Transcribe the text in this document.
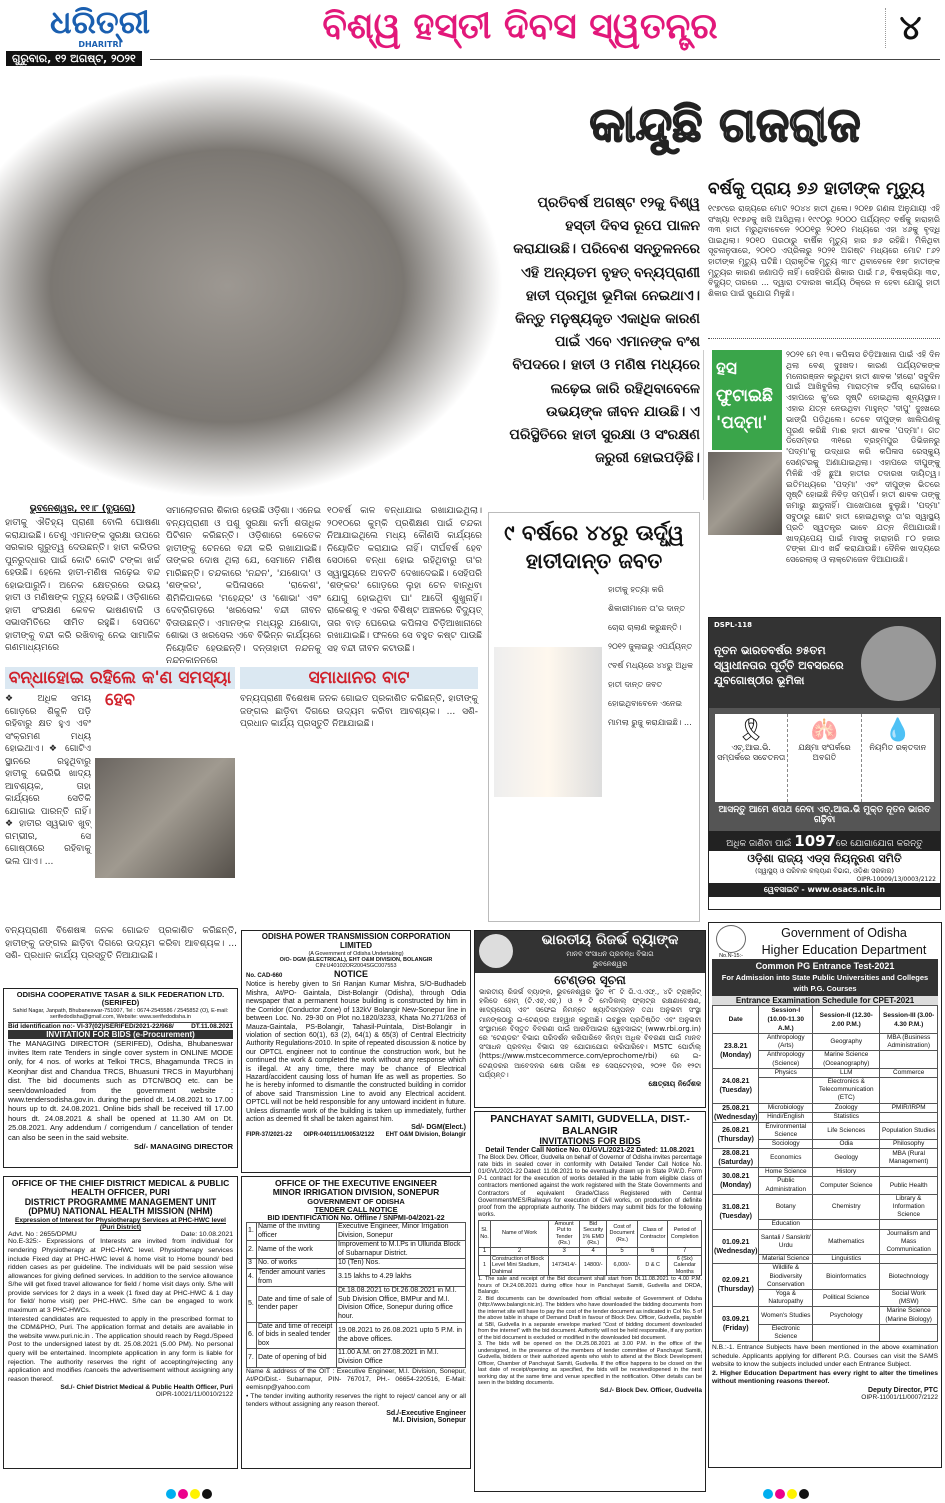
ଧରିତ୍ରୀ
DHARITRI
ଗୁରୁବାର, ୧୨ ଅଗଷ୍ଟ, ୨୦୨୧
ବିଶ୍ୱ ହସ୍ତୀ ଦିବସ ସ୍ୱତନ୍ତ୍ର	୪
କାନ୍ଦୁଛି ଗଜରାଜ
ପ୍ରତିବର୍ଷ ଅଗଷ୍ଟ ୧୨କୁ ବିଶ୍ୱ ହସ୍ତୀ ଦିବସ ରୂପେ ପାଳନ କରାଯାଉଛି। ପରିବେଶ ସନ୍ତୁଳନରେ ଏହି ଅନ୍ୟତମ ବୃହତ୍ ବନ୍ୟପ୍ରାଣୀ ହାତୀ ପ୍ରମୁଖ ଭୂମିକା ନେଇଥାଏ। କିନ୍ତୁ ମନୁଷ୍ୟକୃତ ଏକାଧିକ କାରଣ ପାଇଁ ଏବେ ଏମାନଙ୍କ ବଂଶ ବିପଦରେ। ହାତୀ ଓ ମଣିଷ ମଧ୍ୟରେ ଲଢ଼େଇ ଜାରି ରହିଥିବାବେଳେ ଉଭୟଙ୍କ ଜୀବନ ଯାଉଛି। ଏ ପରିସ୍ଥିତିରେ ହାତୀ ସୁରକ୍ଷା ଓ ସଂରକ୍ଷଣ ଜରୁରୀ ହୋଇପଡ଼ିଛି।
ବର୍ଷକୁ ପ୍ରାୟ ୭୬ ହାତୀଙ୍କ ମୃତ୍ୟୁ
୧୯୭୯ରେ ରାଜ୍ୟରେ ମୋଟ ୨୦୪୪ ହାତୀ ଥିଲେ। ୨୦୧୭ ଗଣନା ଅନୁଯାୟୀ ଏହି ସଂଖ୍ୟା ୧୯୭୬କୁ ଖସି ଆସିଥିଲା। ୧୯୯୦ରୁ ୨୦୦୦ ପର୍ଯ୍ୟନ୍ତ ବର୍ଷକୁ ହାରାହାରି ୩୩ ହାତୀ ମରୁଥିବାବେଳେ ୨୦୦୧ରୁ ୨୦୧୦ ମଧ୍ୟରେ ଏହା ୪୬କୁ ବୃଦ୍ଧି ପାଇଥିଲା। ୨୦୧୦ ପରଠାରୁ ବାର୍ଷିକ ମୃତ୍ୟୁ ହାର ୭୬ ରହିଛି। ମିଳିଥିବା ସୂଚନାନୁସାରେ, ୨୦୧୦ ଏପ୍ରିଲରୁ ୨୦୨୧ ଅଗଷ୍ଟ ମଧ୍ୟରେ ମୋଟ ୮୬୨ ହାତୀଙ୍କ ମୃତ୍ୟୁ ଘଟିଛି। ପ୍ରାକୃତିକ ମୃତ୍ୟୁ ୩୮୯ ଥିବାବେଳେ ୧୭୮ ହାତୀଙ୍କ ମୃତ୍ୟୁର କାରଣ ଜଣାପଡ଼ି ନାହିଁ। ସେହିପରି ଶିକାର ପାଇଁ ୮୬, ବିଷକ୍ରିୟା ୩ଚ, ବିଦ୍ୟୁତ୍ ତାରରେ ... ଦ୍ୱାରା ତଦାରଖ କାର୍ଯ୍ୟ ଠିକ୍‌ରେ ନ ହେବା ଯୋଗୁ ହାତୀ ଶିକାର ପାଇଁ ସୁଯୋଗ ମିଳୁଛି।
ହସ ଫୁଟାଇଛି 'ପଦ୍ମା'
୨୦୨୧ ମେ ୧୩। କପିଳାସ ଚିଡ଼ିଆଖାନା ପାଇଁ ଏହି ଦିନ ଥିଲା ବେଶ୍ ଦୁଃଖଦ। କାରଣ ପର୍ଯ୍ୟଟକଙ୍କ ମନୋରଞ୍ଜନ କରୁଥିବା ହାତୀ ଶାବକ 'ହୀରୋ' ସବୁଦିନ ପାଇଁ ଆଖିବୁଜିଲା ମାରାତ୍ମକ ହର୍ପିସ୍ ରୋଗରେ। ଏହାପରେ କୁ'ରେ ସୃଷ୍ଟି ହୋଇଥିଲା ଶୂନ୍ୟସ୍ଥାନ। ଏହାର ଯତ୍ନ ନେଉଥିବା ମାହୁନ୍ତ 'ଦୀପୁ' ଦୁଃଖରେ ଭାଙ୍ଗି ପଡ଼ିଥିଲେ। ତେବେ ଦୀପୁଙ୍କ ଖାଲିପଣକୁ ପୂରଣ କରିଛି ମାଈ ହାତୀ ଶାବକ 'ପଦ୍ମା'। ଗତ ଡିସେମ୍ବର ୩୧ରେ ବ୍ରହ୍ମପୁର ଡିଭିଜନରୁ 'ପଦ୍ମା'କୁ ଉଦ୍ଧାର କରି କପିଳାସ ରେସ୍କ୍ୟୁ ସେଣ୍ଟରକୁ ଅଣାଯାଇଥିଲା। ଏହାପରେ ଦୀପୁଙ୍କୁ ମିଳିଛି ଏହି ଛୁଆ ହାତୀର ତଦାରଖ ଦାୟିତ୍ୱ। ଇତିମଧ୍ୟରେ 'ପଦ୍ମା' ଏବଂ ଦୀପୁଙ୍କ ଭିତରେ ସୃଷ୍ଟି ହୋଇଛି ନିବିଡ଼ ସମ୍ପର୍କ। ହାତୀ ଶାବକ ତାଙ୍କୁ ଜମାରୁ ଛାଡୁନାହିଁ। ପାଖେପାଖେ ବୁଲୁଛି। 'ପଦ୍ମା' ସବୁଠାରୁ ଛୋଟ ହାତୀ ହୋଇଥିବାରୁ ତା'ର ସ୍ୱାସ୍ଥ୍ୟ ପ୍ରତି ସ୍ୱତନ୍ତ୍ର ଭାବେ ଯତ୍ନ ନିଆଯାଉଛି। ଖାଦ୍ୟପେୟ ପାଇଁ ମାସକୁ ହାରାହାରି ୮୦ ହଜାର ଟଙ୍କା ଯାଏ ଖର୍ଚ୍ଚ କରାଯାଉଛି। ଦୈନିକ ଖାଦ୍ୟରେ ସେରେଲାକ୍ ଓ ଲାକ୍ଟୋଜେନ ଦିଆଯାଉଛି।
ଭୁବନେଶ୍ୱର, ୧୧।୮ (ବ୍ୟୁରୋ)
ହାତୀକୁ ଐତିହ୍ୟ ପ୍ରାଣୀ ବୋଲି ଘୋଷଣା କରାଯାଇଛି। ତେଣୁ ଏମାନଙ୍କ ସୁରକ୍ଷା ଉପରେ ସରକାର ଗୁରୁତ୍ୱ ଦେଉଛନ୍ତି। ହାତୀ କରିଡର ପୁନରୁଦ୍ଧାର ପାଇଁ କୋଟି କୋଟି ଟଙ୍କା ଖର୍ଚ୍ଚ ହେଉଛି। ହେଲେ ହାତୀ-ମଣିଷ ଲଢ଼େଇ ବନ୍ଦ ହୋଇପାରୁନି। ଅନେକ କ୍ଷେତ୍ରରେ ଉଭୟ ହାତୀ ଓ ମଣିଷଙ୍କ ମୃତ୍ୟୁ ହେଉଛି। ଓଡ଼ିଶାରେ ହାତୀ ସଂରକ୍ଷଣ କେବଳ ଭାଷଣବାଜି ଓ ସଭାସମିତିରେ ସୀମିତ ରହୁଛି। ସେପଟେ ହାତୀଙ୍କୁ ବନ୍ଦୀ କରି ରଖିବାକୁ ନେଇ ସାମାଜିକ ଗଣମାଧ୍ୟମରେ
ସମାଲୋଚନାର ଶିକାର ହେଉଛି ଓଡ଼ିଶା। ଏନେଇ ବନ୍ୟପ୍ରାଣୀ ଓ ପଶୁ ସୁରକ୍ଷା କର୍ମୀ ଶତାଧିକ ପିଟିଶନ କରିଛନ୍ତି। ଓଡ଼ିଶାରେ କେତେକ ହାତୀଙ୍କୁ ଚେନରେ ବନ୍ଦୀ କରି ରଖାଯାଇଛି। ତାଙ୍କର ଦୋଷ ଥିଲା ଯେ, ସେମାନେ ମଣିଷ ମାରିଛନ୍ତି। ଚନ୍ଦକାରେ 'ନନ୍ଦନ', 'ଯଶୋଦା' ଓ 'ଶଙ୍କର', କପିଳାସରେ 'ରାକେଶ', ଶିମିଳିପାଳରେ 'ମହେନ୍ଦ୍ର' ଓ 'ଶୋଭା' ଏବଂ ଦେବ୍ରିଗଡ଼ରେ 'ଖରସେଲ' ବନ୍ଦୀ ଜୀବନ ବିତାଉଛନ୍ତି। ଏମାନଙ୍କ ମଧ୍ୟରୁ ଯଶୋଦା, ଶୋଭା ଓ ଖରସେଲ ଏବେ ବିଭିନ୍ନ କାର୍ଯ୍ୟରେ ନିୟୋଜିତ ହେଉଛନ୍ତି। ଦନ୍ତାହାତୀ ନନ୍ଦନକୁ ନନ୍ଦନକାନନରେ
୧୦ବର୍ଷ କାଳ ବନ୍ଧାଯାଇ ରଖାଯାଇଥିଲା। ୨୦୧୦ରେ କୁମ୍କି ପ୍ରଶିକ୍ଷଣ ପାଇଁ ଚନ୍ଦକା ନିଆଯାଇଥିଲେ ମଧ୍ୟ କୌଣସି କାର୍ଯ୍ୟରେ ନିୟୋଜିତ କରାଯାଇ ନାହିଁ। ଦୀର୍ଘବର୍ଷ ହେବ ସେଠାରେ ବନ୍ଧା ହୋଇ ରହିଥିବାରୁ ତା'ର ସ୍ୱାସ୍ଥ୍ୟରେ ଅବନତି ଦେଖାଦେଇଛି। ସେହିପରି 'ଶଙ୍କର' ଗୋଡ଼ରେ ଲୁହା ଚେନ ବାନ୍ଧିବା ଯୋଗୁ ହୋଇଥିବା ଘା' ଆଦୌ ଶୁଖୁନାହିଁ। ରାକେଶକୁ ୧ ଏକର ବିଶିଷ୍ଟ ଅଞ୍ଚଳରେ ବିଦ୍ୟୁତ୍ ତାର ବାଡ଼ ଘେରେଇ କପିଳାସ ଚିଡ଼ିଆଖାନାରେ ରଖାଯାଇଛି। ଫଳରେ ସେ ବହୁତ କଷ୍ଟ ପାଉଛି ସହ ବନ୍ଦୀ ଜୀବନ କଟାଉଛି।
୯ ବର୍ଷରେ ୪୪ରୁ ଊର୍ଦ୍ଧ୍ୱ ହାତୀଦାନ୍ତ ଜବତ
ହାତୀକୁ ହତ୍ୟା କରି ଶିକାରୀମାନେ ତା'ର ଦାନ୍ତ ଚୋରା ଚାଲାଣ କରୁଛନ୍ତି। ୨୦୧୨ ଜୁଲାଇରୁ ଏପର୍ଯ୍ୟନ୍ତ ୯ବର୍ଷ ମଧ୍ୟରେ ୪୪ରୁ ଅଧିକ ହାତୀ ଦାନ୍ତ ଜବତ ହୋଇଥିବାବେଳେ ଏନେଇ ମାମଲା ରୁଜୁ କରାଯାଇଛି। ...
ବନ୍ଧାହୋଇ ରହିଲେ କ'ଣ ସମସ୍ୟା ହେବ
ସମାଧାନର ବାଟ
❖ ଅଧିକ ସମୟ ଗୋଡ଼ରେ ଶିକୁଳି ପଡ଼ି ରହିବାରୁ କ୍ଷତ ହୁଏ ଏବଂ ସଂକ୍ରମଣ ମଧ୍ୟ ହୋଇଥାଏ। ❖ ଗୋଟିଏ ସ୍ଥାନରେ ରହୁଥିବାରୁ ହାତୀକୁ ଭେରିଭି ଖାଦ୍ୟ ଆବଶ୍ୟକ, ତାହା କାର୍ଯ୍ୟରେ ସେତିକି ଯୋଗାଇ ପାରନ୍ତି ନାହିଁ। ❖ ହାତୀର ସ୍ୱଭାବ ଖୁବ୍ ଗମ୍ଭୀର, ସେ ଗୋଷ୍ଠୀରେ ରହିବାକୁ ଭଲ ପାଏ। ...
ବନ୍ୟପ୍ରାଣୀ ବିଶେଷଜ୍ଞ ଜନକ ଗୋଇତ ପ୍ରକାଶିତ କରିଛନ୍ତି, ହାତୀଙ୍କୁ ଜଙ୍ଗଲ ଛାଡ଼ିବା ଦିଗରେ ଉଦ୍ୟମ କରିବା ଆବଶ୍ୟକ। ... ସଶି- ପ୍ରଧାନ କାର୍ଯ୍ୟ ପ୍ରସ୍ତୁତି ନିଆଯାଇଛି।
DSPL-118
ନୂତନ ଭାରତବର୍ଷର ୭୫ତମ ସ୍ୱାଧୀନତାର ପୂର୍ତ୍ତି ଅବସରରେ ଯୁବଗୋଷ୍ଠୀର ଭୂମିକା
🎗
ଏଚ୍.ଆଇ.ଭି. ସମ୍ପର୍କରେ ସଚେତନତା
🫁
ଯକ୍ଷ୍ମା ସଂପର୍କରେ ଅବଗତି
💧
ନିୟମିତ ରକ୍ତଦାନ
ଆସନ୍ତୁ ଆମେ ଶପଥ ନେବା ଏଚ୍.ଆଇ.ଭି ମୁକ୍ତ ନୂତନ ଭାରତ ଗଢ଼ିବା
ଅଧିକ ଜାଣିବା ପାଇଁ 1097ରେ ଯୋଗାଯୋଗ କରନ୍ତୁ
ଓଡ଼ିଶା ରାଜ୍ୟ ଏଡ୍‌ସ ନିୟନ୍ତ୍ରଣ ସମିତି
(ସ୍ୱାସ୍ଥ୍ୟ ଓ ପରିବାର କଲ୍ୟାଣ ବିଭାଗ, ଓଡ଼ିଶା ସରକାର)
OIPR-10009/13/0003/2122
ୱେବସାଇଟ - www.osacs.nic.in
ବନ୍ୟପ୍ରାଣୀ ବିଶେଷଜ୍ଞ ଜନକ ଗୋଇତ ପ୍ରକାଶିତ କରିଛନ୍ତି, ହାତୀଙ୍କୁ ଜଙ୍ଗଲ ଛାଡ଼ିବା ଦିଗରେ ଉଦ୍ୟମ କରିବା ଆବଶ୍ୟକ। ... ସଶି- ପ୍ରଧାନ କାର୍ଯ୍ୟ ପ୍ରସ୍ତୁତି ନିଆଯାଇଛି।
ODISHA COOPERATIVE TASAR & SILK FEDERATION LTD. (SERIFED)
Sahid Nagar, Janpath, Bhubaneswar-751007, Tel : 0674-2545586 / 2545852 (O), E-mail: serifedodisha@gmail.com, Website: www.serifedodisha.in
Bid identification no:- VI-37(02)/SERIFED/2021-22/968/	DT.11.08.2021
INVITATION FOR BIDS (e-Procurement)
The MANAGING DIRECTOR (SERIFED), Odisha, Bhubaneswar invites Item rate Tenders in single cover system in ONLINE MODE only, for 4 nos. of works at Telkoi TRCS, Bhagamunda TRCS in Keonjhar dist and Chandua TRCS, Bhuasuni TRCS in Mayurbhanj dist. The bid documents such as DTCN/BOQ etc. can be seen/downloaded from the government website : www.tendersodisha.gov.in. during the period dt. 14.08.2021 to 17.00 hours up to dt. 24.08.2021. Online bids shall be received till 17.00 hours dt. 24.08.2021 & shall be opened at 11.30 AM on Dt. 25.08.2021. Any addendum / corrigendum / cancellation of tender can also be seen in the said website.
Sd/- MANAGING DIRECTOR
ODISHA POWER TRANSMISSION CORPORATION LIMITED
(A Government of Odisha Undertaking)
O/O- DGM (ELECTRICAL), EHT O&M DIVISION, BOLANGIR
CIN:U40102OR2004SGC007553
No. CAD-660	NOTICE
Notice is hereby given to Sri Ranjan Kumar Mishra, S/O-Budhadeb Mishra, At/PO- Gaintala, Dist-Bolangir (Odisha), through Odia newspaper that a permanent house building is constructed by him in the Corridor (Conductor Zone) of 132kV Bolangir New-Sonepur line in between Loc. No. 29-30 on Plot no.1820/3233, Khata No.271/263 of Mauza-Gaintala, PS-Bolangir, Tahasil-Puintala, Dist-Bolangir in violation of section 60(1), 63 (2), 64(1) & 65(3) of Central Electricity Authority Regulations-2010. In spite of repeated discussion & notice by our OPTCL engineer not to continue the construction work, but he continued the work & completed the work without any response which is illegal. At any time, there may be chance of Electrical Hazard/accident causing loss of human life as well as properties. So he is hereby informed to dismantle the constructed building in corridor of above said Transmission Line to avoid any Electrical accident. OPTCL will not be held responsible for any untoward incident in future. Unless dismantle work of the building is taken up immediately, further action as deemed fit shall be taken against him.
Sd/- DGM(Elect.)
FIPR-37/2021-22 OIPR-04011/11/0053/2122 EHT O&M Division, Bolangir
ଭାରତୀୟ ରିଜର୍ଭ ବ୍ୟାଙ୍କ
ମାନବ ସଂସାଧନ ପ୍ରବନ୍ଧ ବିଭାଗ
ଭୁବନେଶ୍ୱର
ଟେଣ୍ଡର ସୂଚନା
ଭାରତୀୟ ରିଜର୍ଭ ବ୍ୟାଙ୍କ, ଭୁବନେଶ୍ୱର ସ୍ଥିତ ୧୮ ଟି ଗି.ଏ.ଏଫ୍., ୪ଟି ଟ୍ରାଞ୍ଜିଟ୍ ହଲିଡେ ହୋମ୍ (ଟି.ଏଚ୍.ଏଚ୍.) ଓ ୨ ଟି ମେଡିକାଲ୍ ଫ୍ଲାଟ୍‌ର ରକ୍ଷଣାବେକ୍ଷଣ, ଖାଦ୍ୟପେୟ ଏବଂ ସଫେଇ ନିମନ୍ତେ ଖ୍ୟାତିସମ୍ପନ୍ନ ତଥା ଅନୁଭବୀ ସଂସ୍ଥା ମାନଙ୍କଠାରୁ ଇ-ଟେଣ୍ଡର ଆହ୍ୱାନ କରୁଅଛି। ଇଚ୍ଛୁକ ପ୍ରତିଷ୍ଠିତ ଏବଂ ଅନୁଭବୀ ସଂସ୍ଥାମାନେ ବିସ୍ତୃତ ବିବରଣୀ ପାଇଁ ଆରବିଆଇର ୱେବସାଇଟ୍ (www.rbi.org.in) ରେ 'ଟେଣ୍ଡର' ବିଭାଗ ପରିଦର୍ଶନ କରିପାରିବେ କିମ୍ବା ଅଧିକ ବିବରଣୀ ପାଇଁ ମାନବ ସଂସାଧନ ପ୍ରବନ୍ଧ ବିଭାଗ ସହ ଯୋଗାଯୋଗ କରିପାରିବେ। MSTC ପୋର୍ଟାଲ୍ (https://www.mstcecommerce.com/eprochome/rbi) ରେ ଇ-ଟେଣ୍ଡରର ଆବେଦନର ଶେଷ ତାରିଖ ୧୭ ସେପ୍ଟେମ୍ବର, ୨୦୨୧ ଦିନ ୧୨ଟା ପର୍ଯ୍ୟନ୍ତ।
କ୍ଷେତ୍ରୀୟ ନିର୍ଦ୍ଦେଶକ
PANCHAYAT SAMITI, GUDVELLA, DIST.- BALANGIR
INVITATIONS FOR BIDS
Detail Tender Call Notice No. 01/GVL/2021-22 Dated: 11.08.2021
The Block Dev. Officer, Gudvella on behalf of Governor of Odisha invites percentage rate bids in sealed cover in conformity with Detailed Tender Call Notice No. 01/GVL/2021-22 Dated: 11.08.2021 to be eventually drawn up in State P.W.D. Form P-1 contract for the execution of works detailed in the table from eligible class of contractors mentioned against the work registered with the State Governments and Contractors of equivalent Grade/Class Registered with Central Government/MES/Railways for execution of Civil works, on production of definite proof from the appropriate authority. The bidders may submit bids for the following works.
Sl. No.	Name of Work	Amount Put to Tender (Rs.)	Bid Security 1% EMD (Rs.)	Cost of Document (Rs.)	Class of Contractor	Period of Completion
1	2	3	4	5	6	7
1	Construction of Block Level Mini Stadium, Dahimal	1473414/-	14800/-	6,000/-	D & C	6 (Six) Calendar Months
1. The sale and receipt of the Bid document shall start from Dt.11.08.2021 to 4.00 P.M. hours of Dt.24.08.2021 during office hour in Panchayat Samiti, Gudvella and DRDA, Balangir.
2. Bid documents can be downloaded from official website of Government of Odisha (http://www.balangir.nic.in). The bidders who have downloaded the bidding documents from the internet site will have to pay the cost of the tender document as indicated in Col No. 5 of the above table in shape of Demand Draft in favour of Block Dev. Officer, Gudvella, payable at SBI, Gudvella in a separate envelope marked "Cost of bidding document downloaded from the internet" with the bid document. Authority will not be held responsible, if any portion of the bid document is excluded or modified in the downloaded bid document.
3. The bids will be opened on the Dt.25.08.2021 at 3.00 P.M. in the office of the undersigned, in the presence of the members of tender committee of Panchayat Samiti, Gudvella, bidders or their authorized agents who wish to attend at the Block Development Officer, Chamber of Panchayat Samiti, Gudvella. If the office happens to be closed on the last date of receipt/opening as specified, the bids will be received/opened in the next working day at the same time and venue specified in the notification. Other details can be seen in the bidding documents.
Sd./- Block Dev. Officer, Gudvella
No.N-15:-
Government of Odisha
Higher Education Department
Common PG Entrance Test-2021
For Admission into State Public Universities and Colleges with P.G. Courses
Entrance Examination Schedule for CPET-2021
Date	Session-I (10.00-11.30 A.M.)	Session-II (12.30-2.00 P.M.)	Session-III (3.00-4.30 P.M.)
23.8.21 (Monday)	Anthropology (Arts)	Geography	MBA (Business Administration)
	Anthropology (Science)	Marine Science (Oceanography)	
24.08.21 (Tuesday)	Physics	LLM	Commerce
		Electronics & Telecommunication (ETC)	
25.08.21 (Wednesday)	Microbiology	Zoology	PMIR/IRPM
	Hindi/English	Statistics	
26.08.21 (Thursday)	Environmental Science	Life Sciences	Population Studies
	Sociology	Odia	Philosophy
28.08.21 (Saturday)	Economics	Geology	MBA (Rural Management)
30.08.21 (Monday)	Home Science	History	
	Public Administration	Computer Science	Public Health
31.08.21 (Tuesday)	Botany	Chemistry	Library & Information Science
	Education		
01.09.21 (Wednesday)	Santali / Sanskrit/ Urdu	Mathematics	Journalism and Mass Communication
	Material Science	Linguistics	
02.09.21 (Thursday)	Wildlife & Biodiversity Conservation	Bioinformatics	Biotechnology
	Yoga & Naturopathy	Political Science	Social Work (MSW)
03.09.21 (Friday)	Women's Studies	Psychology	Marine Science (Marine Biology)
	Electronic Science		
N.B.:-1. Entrance Subjects have been mentioned in the above examination schedule. Applicants applying for different P.G. Courses can visit the SAMS website to know the subjects included under each Entrance Subject.
2. Higher Education Department has every right to alter the timelines without mentioning reasons thereof.
Deputy Director, PTC
OIPR-11001/11/0007/2122
OFFICE OF THE CHIEF DISTRICT MEDICAL & PUBLIC HEALTH OFFICER, PURI
DISTRICT PROGRAMME MANAGEMENT UNIT (DPMU) NATIONAL HEALTH MISSION (NHM)
Expression of Interest for Physiotherapy Services at PHC-HWC level (Puri District)
Advt. No : 2655/DPMU	Date: 10.08.2021
No.E-325:- Expressions of Interests are invited from individual for rendering Physiotherapy at PHC-HWC level. Physiotherapy services include Fixed day at PHC-HWC level & home visit to Home bound/ bed ridden cases as per guideline. The individuals will be paid session wise allowances for giving defined services. In addition to the service allowance S/he will get fixed travel allowance for field / home visit days only. S/he will provide services for 2 days in a week (1 fixed day at PHC-HWC & 1 day for field/ home visit) per PHC-HWC. S/he can be engaged to work maximum at 3 PHC-HWCs.
Interested candidates are requested to apply in the prescribed format to the CDM&PHO, Puri. The application format and details are available in the website www.puri.nic.in . The application should reach by Regd./Speed Post to the undersigned latest by dt. 25.08.2021 (5.00 PM). No personal query will be entertained. Incomplete application in any form is liable for rejection. The authority reserves the right of accepting/rejecting any application and modifies /cancels the advertisement without assigning any reason thereof.
Sd./- Chief District Medical & Public Health Officer, Puri
OIPR-10021/11/0010/2122
OFFICE OF THE EXECUTIVE ENGINEER
MINOR IRRIGATION DIVISION, SONEPUR
GOVERNMENT OF ODISHA
TENDER CALL NOTICE
BID IDENTIFICATION No. Offline / SNPMI-04/2021-22
1.	Name of the inviting officer	Executive Engineer, Minor Irrigation Division, Sonepur
2.	Name of the work	Improvement to M.I.Ps in Ullunda Block of Subarnapur District.
3	No. of works	10 (Ten) Nos.
4.	Tender amount varies from	3.15 lakhs to 4.29 lakhs
5.	Date and time of sale of tender paper	Dt.18.08.2021 to Dt.26.08.2021 in M.I. Sub Division Office, BMPur and M.I. Division Office, Sonepur during office hour.
6.	Date and time of receipt of bids in sealed tender box	19.08.2021 to 26.08.2021 upto 5 P.M. in the above offices.
7.	Date of opening of bid	11.00 A.M. on 27.08.2021 in M.I. Division Office
Name & address of the OIT : Executive Engineer, M.I. Division, Sonepur, At/PO/Dist.- Subarnapur, PIN- 767017, PH.- 06654-220516, E-Mail: eemisnp@yahoo.com
• The tender inviting authority reserves the right to reject/ cancel any or all tenders without assigning any reason thereof.
Sd./-Executive Engineer
M.I. Division, Sonepur
